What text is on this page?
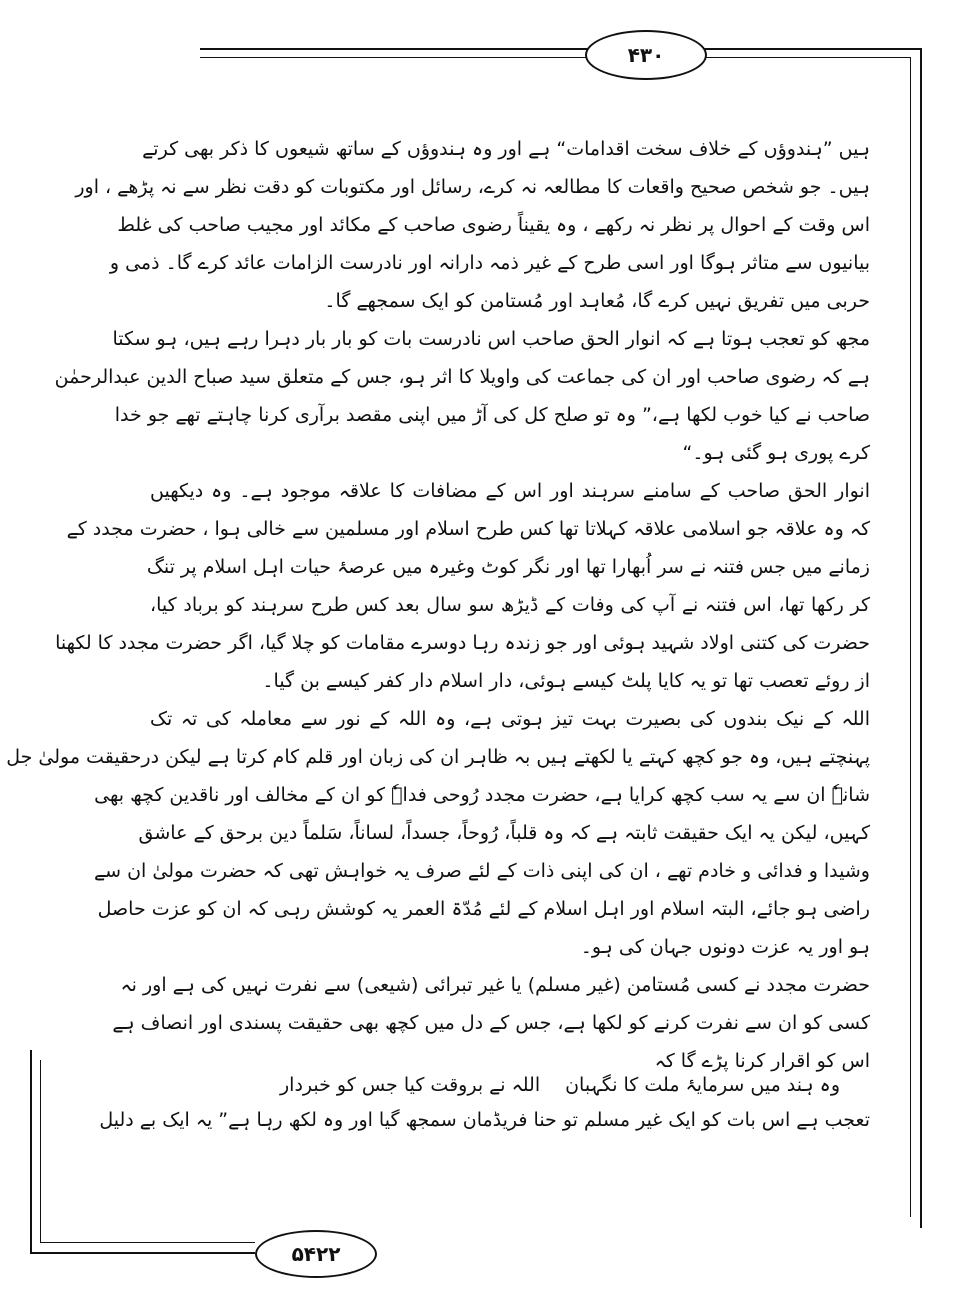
۴۳۰
ہیں ”ہندوؤں کے خلاف سخت اقدامات“ ہے اور وہ ہندوؤں کے ساتھ شیعوں کا ذکر بھی کرتے
ہیں۔ جو شخص صحیح واقعات کا مطالعہ نہ کرے، رسائل اور مکتوبات کو دقت نظر سے نہ پڑھے ، اور
اس وقت کے احوال پر نظر نہ رکھے ، وہ یقیناً رضوی صاحب کے مکائد اور مجیب صاحب کی غلط
بیانیوں سے متاثر ہوگا اور اسی طرح کے غیر ذمہ دارانہ اور نادرست الزامات عائد کرے گا۔ ذمی و
حربی میں تفریق نہیں کرے گا، مُعاہد اور مُستامن کو ایک سمجھے گا۔
مجھ کو تعجب ہوتا ہے کہ انوار الحق صاحب اس نادرست بات کو بار بار دہرا رہے ہیں، ہو سکتا
ہے کہ رضوی صاحب اور ان کی جماعت کی واویلا کا اثر ہو، جس کے متعلق سید صباح الدین عبدالرحمٰن
صاحب نے کیا خوب لکھا ہے،” وہ تو صلح کل کی آڑ میں اپنی مقصد برآری کرنا چاہتے تھے جو خدا
کرے پوری ہو گئی ہو۔“
انوار الحق صاحب کے سامنے سرہند اور اس کے مضافات کا علاقہ موجود ہے۔ وہ دیکھیں
کہ وہ علاقہ جو اسلامی علاقہ کہلاتا تھا کس طرح اسلام اور مسلمین سے خالی ہوا ، حضرت مجدد کے
زمانے میں جس فتنہ نے سر اُبھارا تھا اور نگر کوٹ وغیرہ میں عرصۂ حیات اہل اسلام پر تنگ
کر رکھا تھا، اس فتنہ نے آپ کی وفات کے ڈیڑھ سو سال بعد کس طرح سرہند کو برباد کیا،
حضرت کی کتنی اولاد شہید ہوئی اور جو زندہ رہا دوسرے مقامات کو چلا گیا، اگر حضرت مجدد کا لکھنا
از روئے تعصب تھا تو یہ کایا پلٹ کیسے ہوئی، دار اسلام دار کفر کیسے بن گیا۔
اللہ کے نیک بندوں کی بصیرت بہت تیز ہوتی ہے، وہ اللہ کے نور سے معاملہ کی تہ تک
پہنچتے ہیں، وہ جو کچھ کہتے یا لکھتے ہیں بہ ظاہر ان کی زبان اور قلم کام کرتا ہے لیکن درحقیقت مولیٰ جل
شانہٗ ان سے یہ سب کچھ کرایا ہے، حضرت مجدد رُوحی فداہٗ کو ان کے مخالف اور ناقدین کچھ بھی
کہیں، لیکن یہ ایک حقیقت ثابتہ ہے کہ وہ قلباً، رُوحاً، جسداً، لساناً، سَلماً دین برحق کے عاشق
وشیدا و فدائی و خادم تھے ، ان کی اپنی ذات کے لئے صرف یہ خواہش تھی کہ حضرت مولیٰ ان سے
راضی ہو جائے، البتہ اسلام اور اہل اسلام کے لئے مُدّۃ العمر یہ کوشش رہی کہ ان کو عزت حاصل
ہو اور یہ عزت دونوں جہان کی ہو۔
حضرت مجدد نے کسی مُستامن (غیر مسلم) یا غیر تبرائی (شیعی) سے نفرت نہیں کی ہے اور نہ
کسی کو ان سے نفرت کرنے کو لکھا ہے، جس کے دل میں کچھ بھی حقیقت پسندی اور انصاف ہے
اس کو اقرار کرنا پڑے گا کہ
وہ ہند میں سرمایۂ ملت کا نگہبان
اللہ نے بروقت کیا جس کو خبردار
تعجب ہے اس بات کو ایک غیر مسلم تو حنا فریڈمان سمجھ گیا اور وہ لکھ رہا ہے” یہ ایک بے دلیل
۵۴۲۲
